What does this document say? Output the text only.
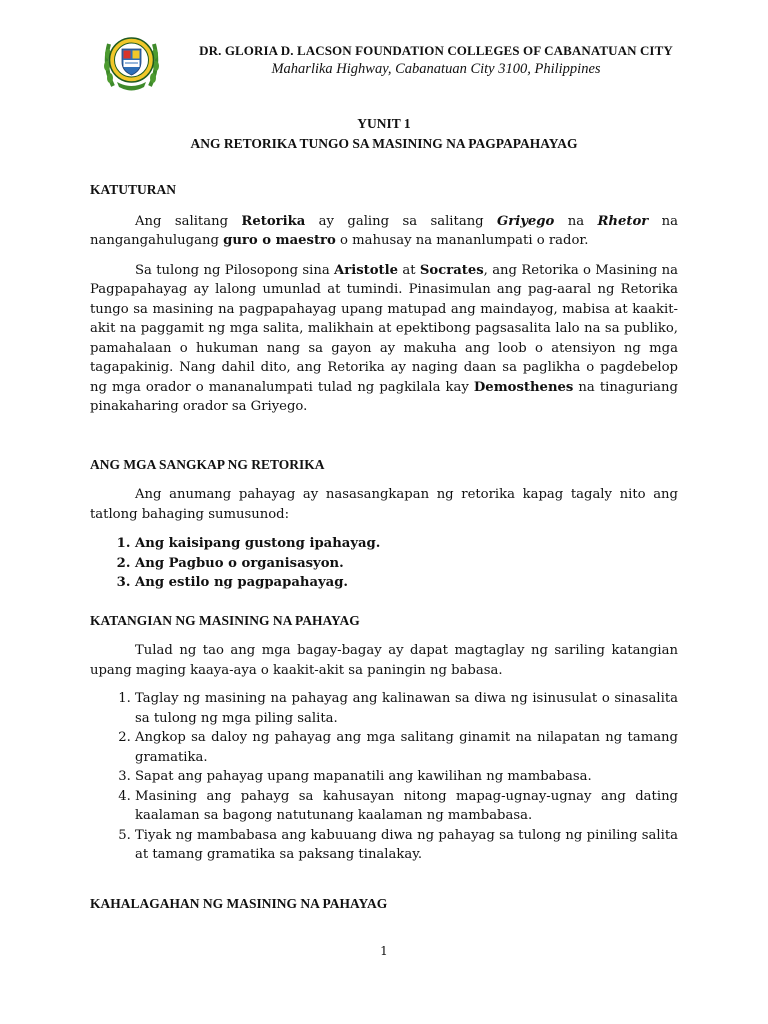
DR. GLORIA D. LACSON FOUNDATION COLLEGES OF CABANATUAN CITY
Maharlika Highway, Cabanatuan City 3100, Philippines
YUNIT 1
ANG RETORIKA TUNGO SA MASINING NA PAGPAPAHAYAG

KATUTURAN

Ang salitang Retorika ay galing sa salitang Griyego na Rhetor na nangangahulugang guro o maestro o mahusay na mananlumpati o rador.

Sa tulong ng Pilosopong sina Aristotle at Socrates, ang Retorika o Masining na Pagpapahayag ay lalong umunlad at tumindi. Pinasimulan ang pag-aaral ng Retorika tungo sa masining na pagpapahayag upang matupad ang maindayog, mabisa at kaakit-akit na paggamit ng mga salita, malikhain at epektibong pagsasalita lalo na sa publiko, pamahalaan o hukuman nang sa gayon ay makuha ang loob o atensiyon ng mga tagapakinig. Nang dahil dito, ang Retorika ay naging daan sa paglikha o pagdebelop ng mga orador o mananalumpati tulad ng pagkilala kay Demosthenes na tinaguriang pinakaharing orador sa Griyego.

ANG MGA SANGKAP NG RETORIKA

Ang anumang pahayag ay nasasangkapan ng retorika kapag tagaly nito ang tatlong bahaging sumusunod:

1. Ang kaisipang gustong ipahayag.
2. Ang Pagbuo o organisasyon.
3. Ang estilo ng pagpapahayag.

KATANGIAN NG MASINING NA PAHAYAG

Tulad ng tao ang mga bagay-bagay ay dapat magtaglay ng sariling katangian upang maging kaaya-aya o kaakit-akit sa paningin ng babasa.

1. Taglay ng masining na pahayag ang kalinawan sa diwa ng isinusulat o sinasalita sa tulong ng mga piling salita.
2. Angkop sa daloy ng pahayag ang mga salitang ginamit na nilapatan ng tamang gramatika.
3. Sapat ang pahayag upang mapanatili ang kawilihan ng mambabasa.
4. Masining ang pahayg sa kahusayan nitong mapag-ugnay-ugnay ang dating kaalaman sa bagong natutunang kaalaman ng mambabasa.
5. Tiyak ng mambabasa ang kabuuang diwa ng pahayag sa tulong ng piniling salita at tamang gramatika sa paksang tinalakay.

KAHALAGAHAN NG MASINING NA PAHAYAG

1
